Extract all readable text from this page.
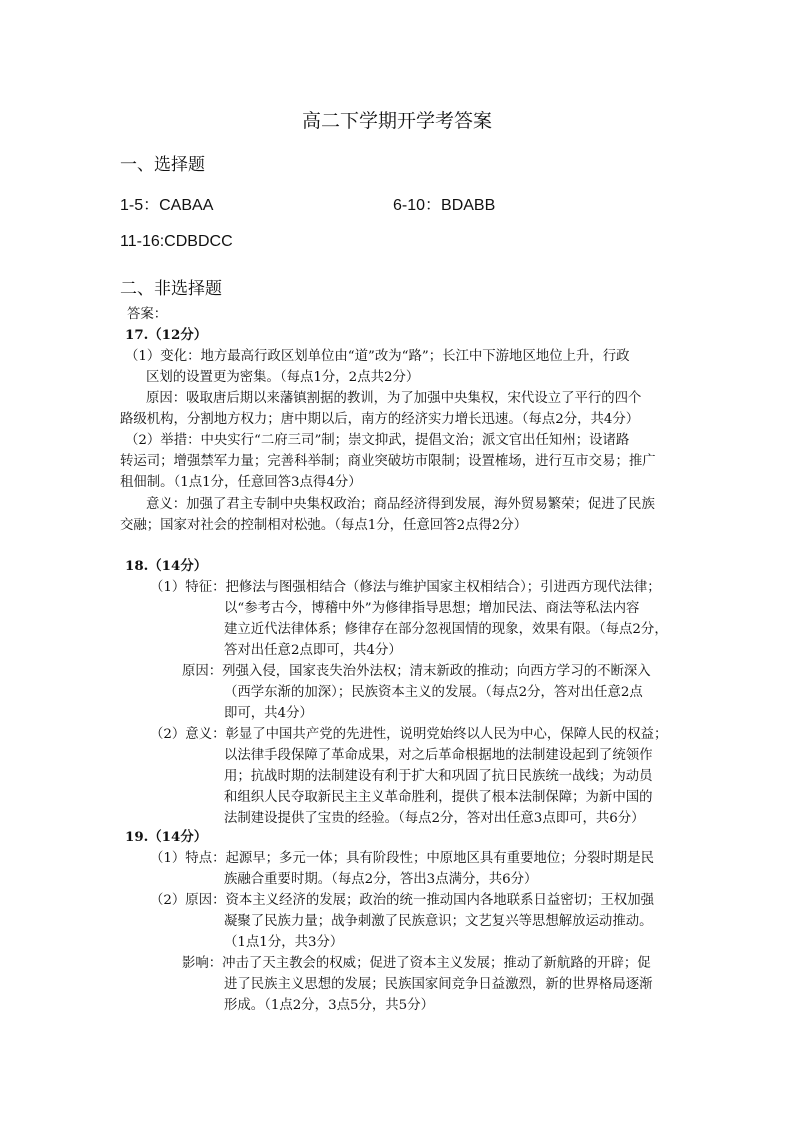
高二下学期开学考答案
一、选择题
1-5：CABAA	6-10：BDABB
11-16:CDBDCC
二、非选择题
答案：
17.（12分）
（1）变化：地方最高行政区划单位由“道”改为“路”；长江中下游地区地位上升，行政
区划的设置更为密集。（每点1分，2点共2分）
原因：吸取唐后期以来藩镇割据的教训，为了加强中央集权，宋代设立了平行的四个
路级机构，分割地方权力；唐中期以后，南方的经济实力增长迅速。（每点2分，共4分）
（2）举措：中央实行“二府三司”制；崇文抑武，提倡文治；派文官出任知州；设诸路
转运司；增强禁军力量；完善科举制；商业突破坊市限制；设置榷场，进行互市交易；推广
租佃制。（1点1分，任意回答3点得4分）
意义：加强了君主专制中央集权政治；商品经济得到发展，海外贸易繁荣；促进了民族
交融；国家对社会的控制相对松弛。（每点1分，任意回答2点得2分）
18.（14分）
（1）特征：把修法与图强相结合（修法与维护国家主权相结合）；引进西方现代法律；
以“参考古今，博稽中外”为修律指导思想；增加民法、商法等私法内容
建立近代法律体系；修律存在部分忽视国情的现象，效果有限。（每点2分，
答对出任意2点即可，共4分）
原因：列强入侵，国家丧失治外法权；清末新政的推动；向西方学习的不断深入
（西学东渐的加深）；民族资本主义的发展。（每点2分，答对出任意2点
即可，共4分）
（2）意义：彰显了中国共产党的先进性，说明党始终以人民为中心，保障人民的权益；
以法律手段保障了革命成果，对之后革命根据地的法制建设起到了统领作
用；抗战时期的法制建设有利于扩大和巩固了抗日民族统一战线；为动员
和组织人民夺取新民主主义革命胜利，提供了根本法制保障；为新中国的
法制建设提供了宝贵的经验。（每点2分，答对出任意3点即可，共6分）
19.（14分）
（1）特点：起源早；多元一体；具有阶段性；中原地区具有重要地位；分裂时期是民
族融合重要时期。（每点2分，答出3点满分，共6分）
（2）原因：资本主义经济的发展；政治的统一推动国内各地联系日益密切；王权加强
凝聚了民族力量；战争刺激了民族意识；文艺复兴等思想解放运动推动。
（1点1分，共3分）
影响：冲击了天主教会的权威；促进了资本主义发展；推动了新航路的开辟；促
进了民族主义思想的发展；民族国家间竞争日益激烈，新的世界格局逐渐
形成。（1点2分，3点5分，共5分）
